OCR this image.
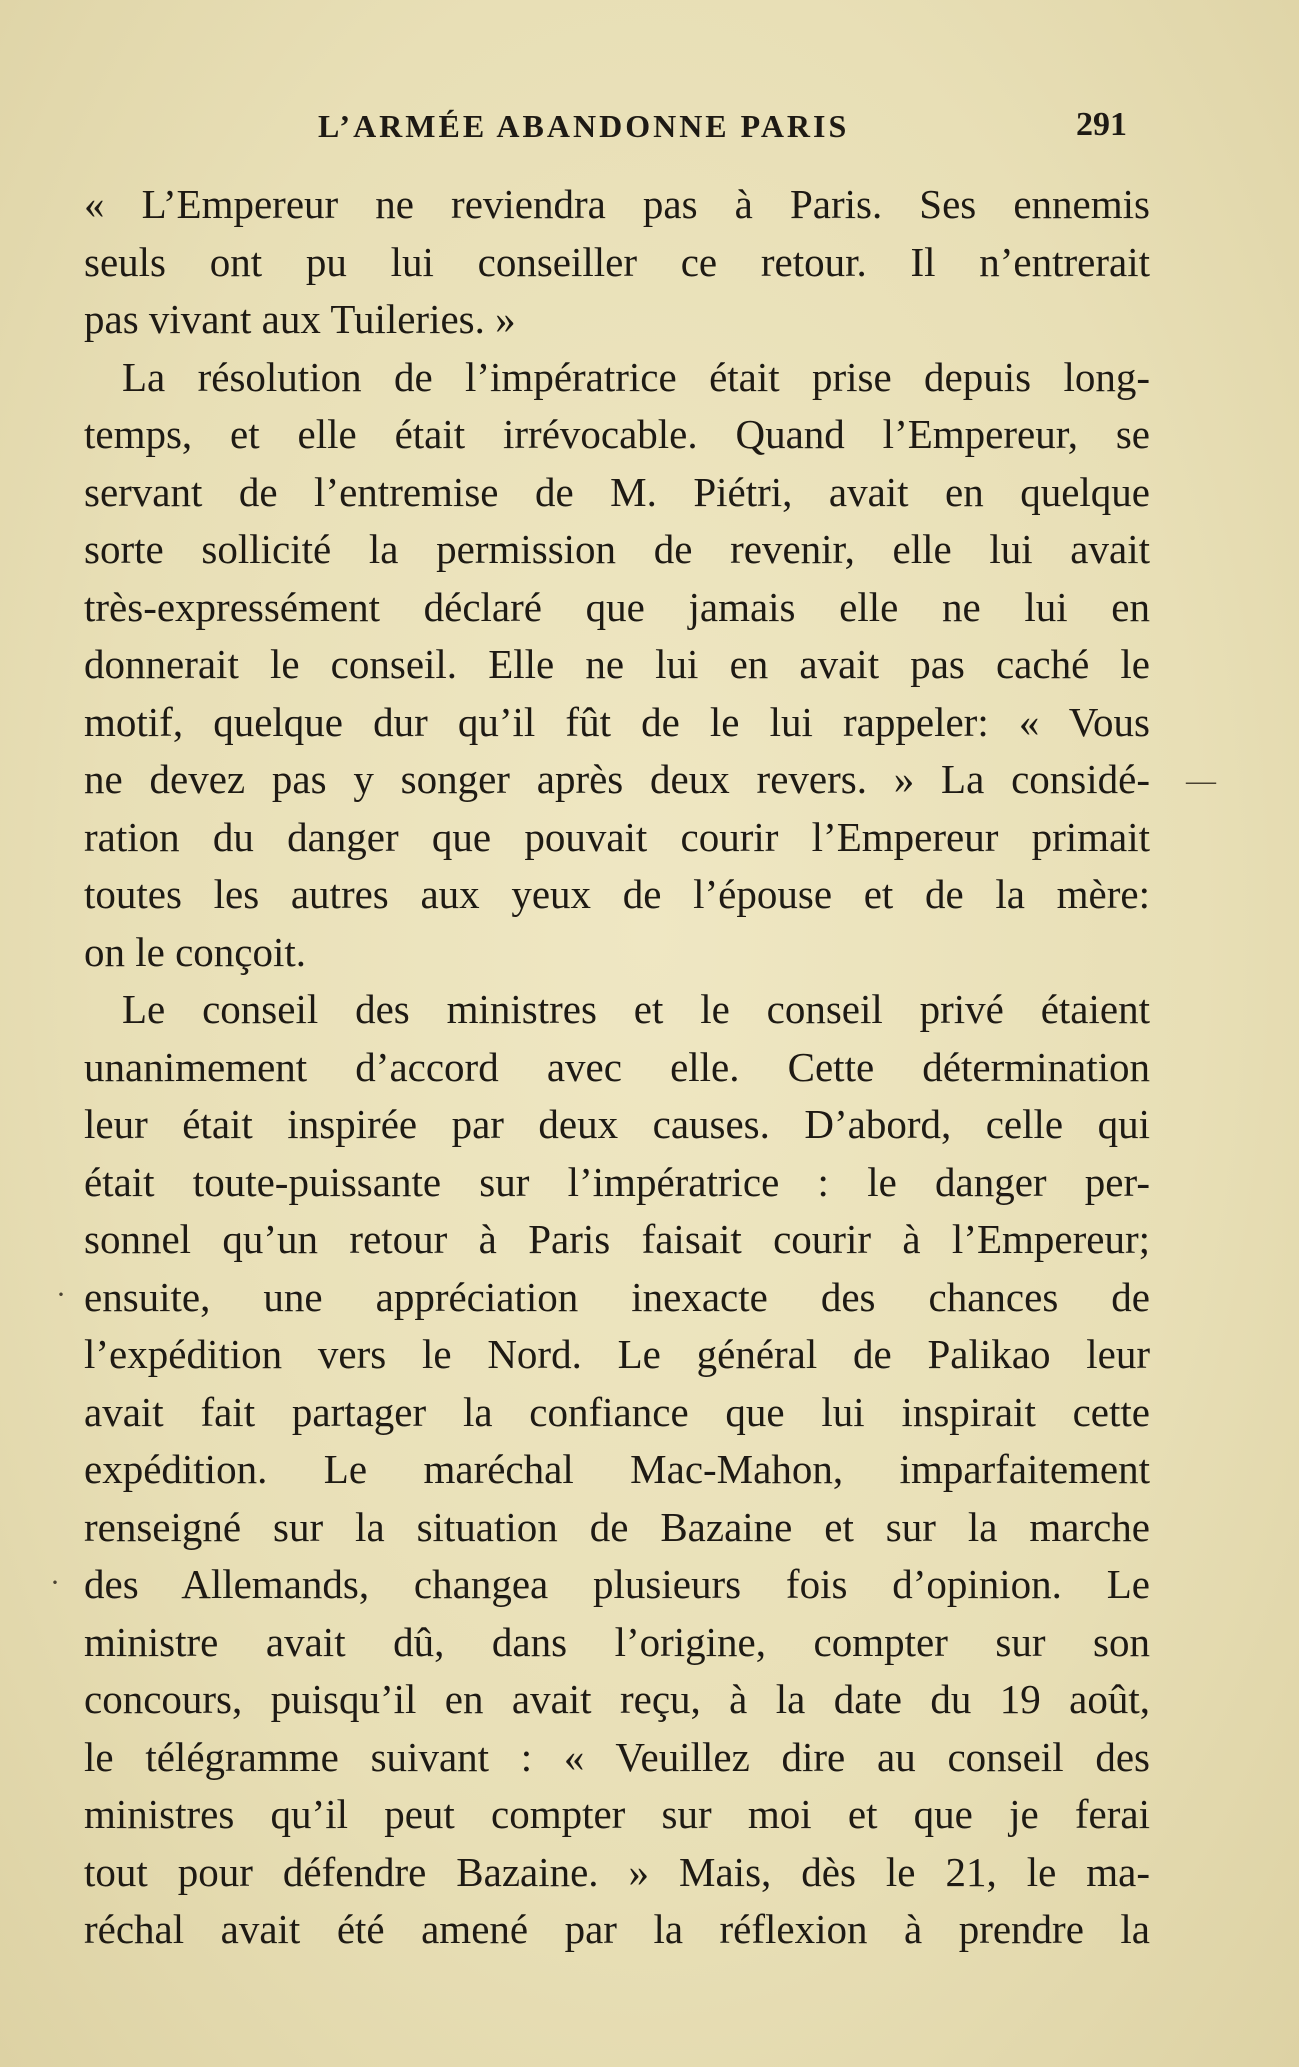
L’ARMÉE ABANDONNE PARIS	291
« L’Empereur ne reviendra pas à Paris. Ses ennemis
seuls ont pu lui conseiller ce retour. Il n’entrerait
pas vivant aux Tuileries. »
La résolution de l’impératrice était prise depuis long-
temps, et elle était irrévocable. Quand l’Empereur, se
servant de l’entremise de M. Piétri, avait en quelque
sorte sollicité la permission de revenir, elle lui avait
très-expressément déclaré que jamais elle ne lui en
donnerait le conseil. Elle ne lui en avait pas caché le
motif, quelque dur qu’il fût de le lui rappeler: « Vous
ne devez pas y songer après deux revers. » La considé-
ration du danger que pouvait courir l’Empereur primait
toutes les autres aux yeux de l’épouse et de la mère:
on le conçoit.
Le conseil des ministres et le conseil privé étaient
unanimement d’accord avec elle. Cette détermination
leur était inspirée par deux causes. D’abord, celle qui
était toute-puissante sur l’impératrice : le danger per-
sonnel qu’un retour à Paris faisait courir à l’Empereur;
ensuite, une appréciation inexacte des chances de
l’expédition vers le Nord. Le général de Palikao leur
avait fait partager la confiance que lui inspirait cette
expédition. Le maréchal Mac-Mahon, imparfaitement
renseigné sur la situation de Bazaine et sur la marche
des Allemands, changea plusieurs fois d’opinion. Le
ministre avait dû, dans l’origine, compter sur son
concours, puisqu’il en avait reçu, à la date du 19 août,
le télégramme suivant : « Veuillez dire au conseil des
ministres qu’il peut compter sur moi et que je ferai
tout pour défendre Bazaine. » Mais, dès le 21, le ma-
réchal avait été amené par la réflexion à prendre la
—
·
·
